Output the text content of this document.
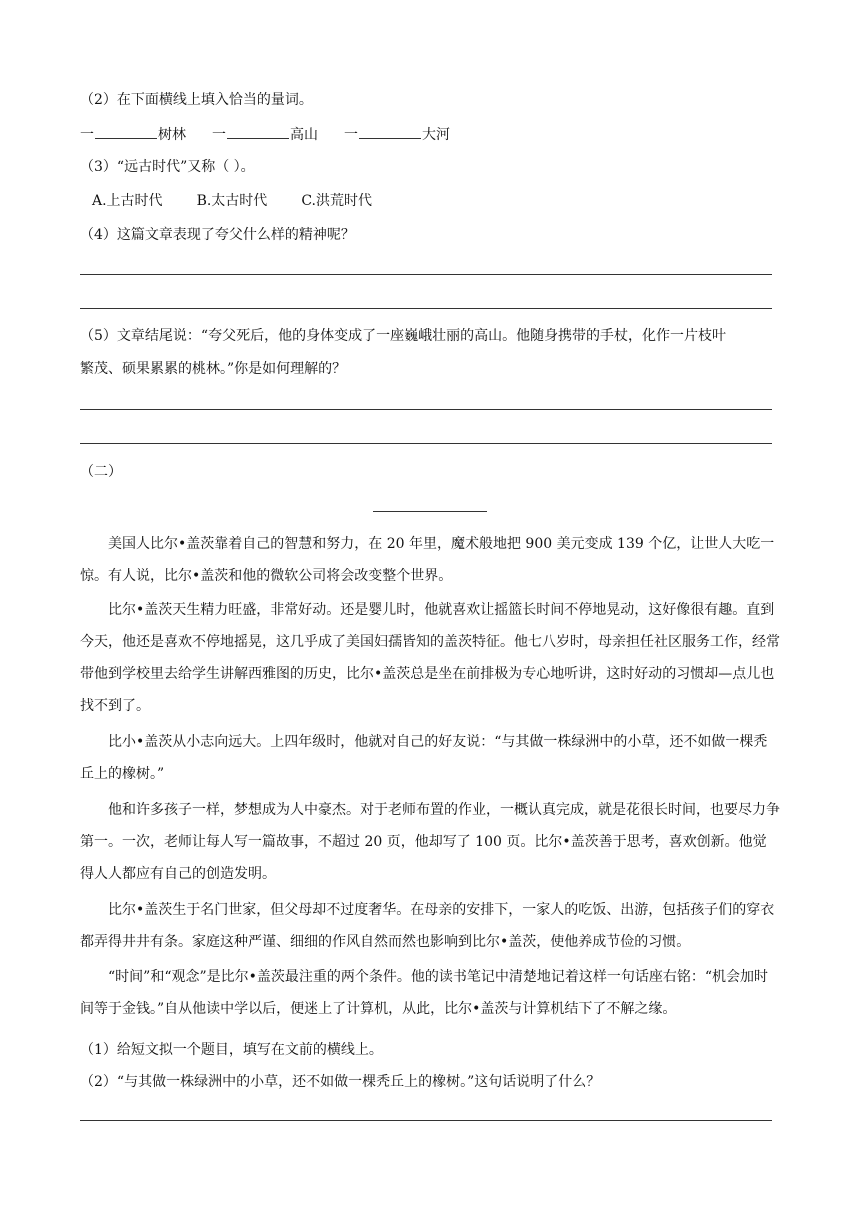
（2）在下面横线上填入恰当的量词。
一	树林 一	高山 一	大河
（3）“远古时代”又称（ ）。
A.上古时代 B.太古时代 C.洪荒时代
（4）这篇文章表现了夸父什么样的精神呢？
（5）文章结尾说：“夸父死后，他的身体变成了一座巍峨壮丽的高山。他随身携带的手杖，化作一片枝叶
繁茂、硕果累累的桃林。”你是如何理解的？
（二）
美国人比尔•盖茨靠着自己的智慧和努力，在 20 年里，魔术般地把 900 美元变成 139 个亿，让世人大吃一惊。有人说，比尔•盖茨和他的微软公司将会改变整个世界。
比尔•盖茨天生精力旺盛，非常好动。还是婴儿时，他就喜欢让摇篮长时间不停地晃动，这好像很有趣。直到今天，他还是喜欢不停地摇晃，这几乎成了美国妇孺皆知的盖茨特征。他七八岁时，母亲担任社区服务工作，经常带他到学校里去给学生讲解西雅图的历史，比尔•盖茨总是坐在前排极为专心地听讲，这时好动的习惯却—点儿也找不到了。
比小•盖茨从小志向远大。上四年级时，他就对自己的好友说：“与其做一株绿洲中的小草，还不如做一棵秃丘上的橡树。”
他和许多孩子一样，梦想成为人中豪杰。对于老师布置的作业，一概认真完成，就是花很长时间，也要尽力争第一。一次，老师让每人写一篇故事，不超过 20 页，他却写了 100 页。比尔•盖茨善于思考，喜欢创新。他觉得人人都应有自己的创造发明。
比尔•盖茨生于名门世家，但父母却不过度奢华。在母亲的安排下，一家人的吃饭、出游，包括孩子们的穿衣都弄得井井有条。家庭这种严谨、细细的作风自然而然也影响到比尔•盖茨，使他养成节俭的习惯。
“时间”和“观念”是比尔•盖茨最注重的两个条件。他的读书笔记中清楚地记着这样一句话座右铭：“机会加时间等于金钱。”自从他读中学以后，便迷上了计算机，从此，比尔•盖茨与计算机结下了不解之缘。
（1）给短文拟一个题目，填写在文前的横线上。
（2）“与其做一株绿洲中的小草，还不如做一棵秃丘上的橡树。”这句话说明了什么？
